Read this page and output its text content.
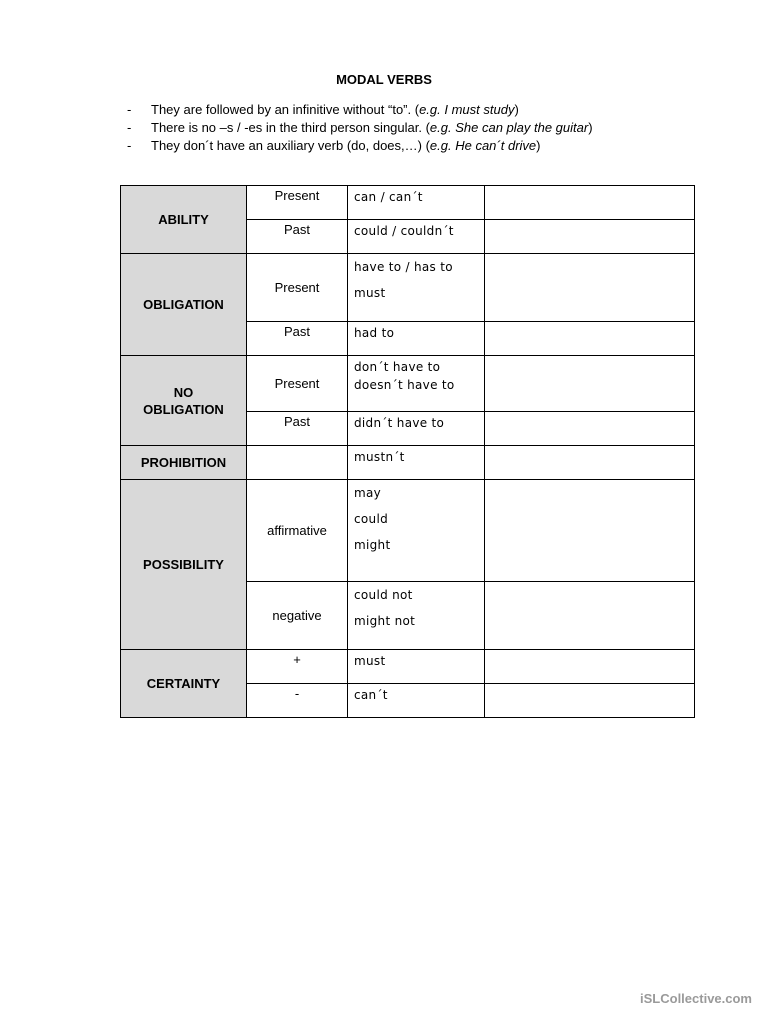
MODAL VERBS
- They are followed by an infinitive without “to”. (e.g. I must study)
- There is no –s / -es in the third person singular. (e.g. She can play the guitar)
- They don´t have an auxiliary verb (do, does,…) (e.g. He can´t drive)
ABILITY	Present	can / can´t	

	Past	could / couldn´t	

OBLIGATION	Present	have to / has to
must	

	Past	had to	

NO
OBLIGATION	Present	don´t have to
doesn´t have to	

	Past	didn´t have to	

PROHIBITION		mustn´t	

POSSIBILITY	affirmative	may
could
might	

	negative	could not
might not	

CERTAINTY	+	must	

	-	can´t	

iSLCollective.com
